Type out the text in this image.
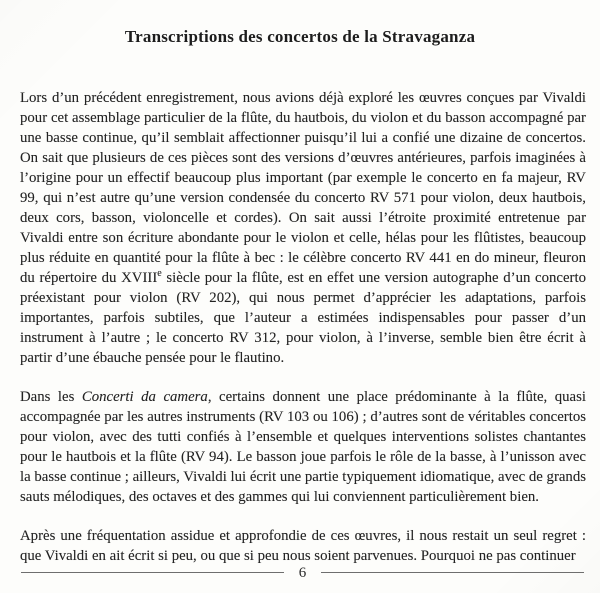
Transcriptions des concertos de la Stravaganza

Lors d’un précédent enregistrement, nous avions déjà exploré les œuvres conçues par Vivaldi pour cet assemblage particulier de la flûte, du hautbois, du violon et du basson accompagné par une basse continue, qu’il semblait affectionner puisqu’il lui a confié une dizaine de concertos. On sait que plusieurs de ces pièces sont des versions d’œuvres antérieures, parfois imaginées à l’origine pour un effectif beaucoup plus important (par exemple le concerto en fa majeur, RV 99, qui n’est autre qu’une version condensée du concerto RV 571 pour violon, deux hautbois, deux cors, basson, violoncelle et cordes). On sait aussi l’étroite proximité entretenue par Vivaldi entre son écriture abondante pour le violon et celle, hélas pour les flûtistes, beaucoup plus réduite en quantité pour la flûte à bec : le célèbre concerto RV 441 en do mineur, fleuron du répertoire du XVIIIe siècle pour la flûte, est en effet une version autographe d’un concerto préexistant pour violon (RV 202), qui nous permet d’apprécier les adaptations, parfois importantes, parfois subtiles, que l’auteur a estimées indispensables pour passer d’un instrument à l’autre ; le concerto RV 312, pour violon, à l’inverse, semble bien être écrit à partir d’une ébauche pensée pour le flautino.

Dans les Concerti da camera, certains donnent une place prédominante à la flûte, quasi accompagnée par les autres instruments (RV 103 ou 106) ; d’autres sont de véritables concertos pour violon, avec des tutti confiés à l’ensemble et quelques interventions solistes chantantes pour le hautbois et la flûte (RV 94). Le basson joue parfois le rôle de la basse, à l’unisson avec la basse continue ; ailleurs, Vivaldi lui écrit une partie typiquement idiomatique, avec de grands sauts mélodiques, des octaves et des gammes qui lui conviennent particulièrement bien.

Après une fréquentation assidue et approfondie de ces œuvres, il nous restait un seul regret : que Vivaldi en ait écrit si peu, ou que si peu nous soient parvenues. Pourquoi ne pas continuer

6
